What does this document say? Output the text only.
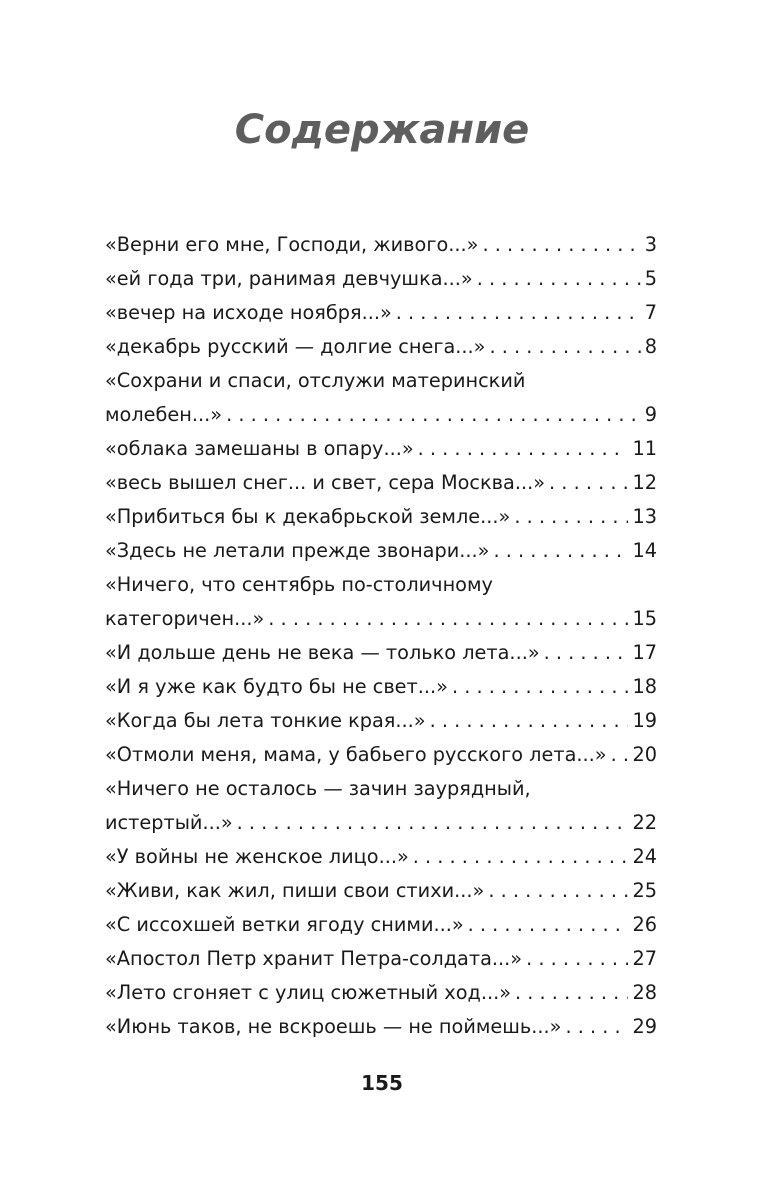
Содержание
«Верни его мне, Господи, живого...» . . .	3
«ей года три, ранимая девчушка...» . . .	5
«вечер на исходе ноября...» . . .	7
«декабрь русский — долгие снега...» . . .	8
«Сохрани и спаси, отслужи материнский
молебен...» . . .	9
«облака замешаны в опару...» . . .	11
«весь вышел снег... и свет, сера Москва...» . . .	12
«Прибиться бы к декабрьской земле...» . . .	13
«Здесь не летали прежде звонари...» . . .	14
«Ничего, что сентябрь по-столичному
категоричен...» . . .	15
«И дольше день не века — только лета...» . . .	17
«И я уже как будто бы не свет...» . . .	18
«Когда бы лета тонкие края...» . . .	19
«Отмоли меня, мама, у бабьего русского лета...» . . . 20
«Ничего не осталось — зачин заурядный,
истертый...» . . .	22
«У войны не женское лицо...» . . .	24
«Живи, как жил, пиши свои стихи...» . . .	25
«С иссохшей ветки ягоду сними...» . . .	26
«Апостол Петр хранит Петра-солдата...» . . .	27
«Лето сгоняет с улиц сюжетный ход...» . . .	28
«Июнь таков, не вскроешь — не поймешь...» . . .	29
155
